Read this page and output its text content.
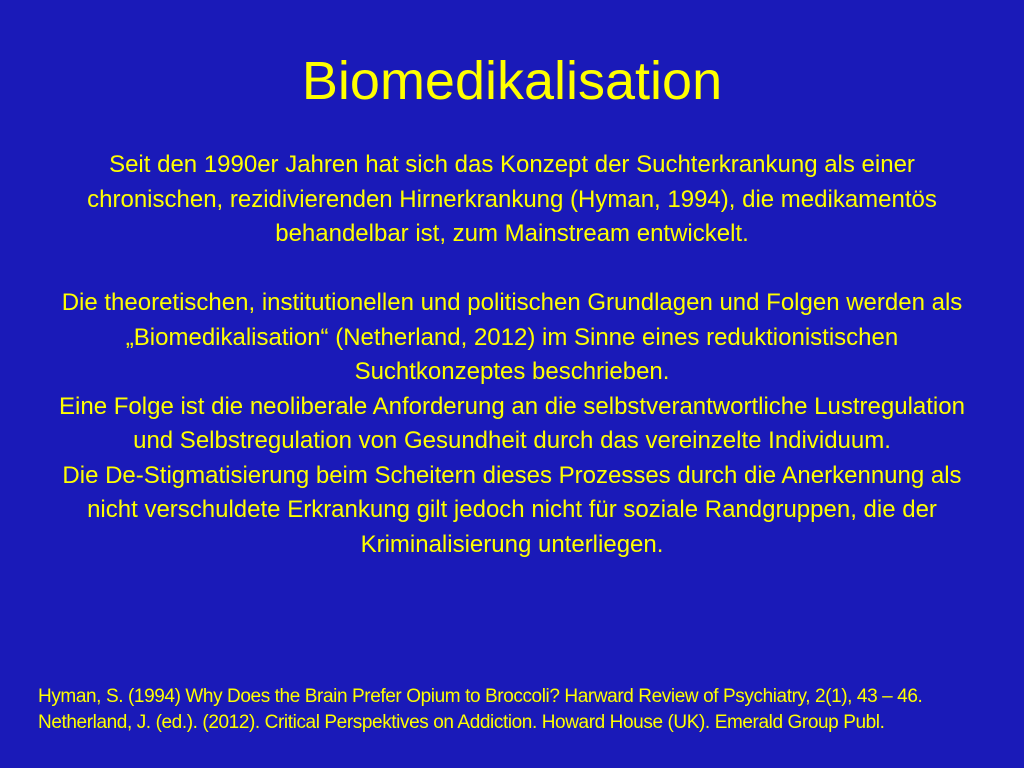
Biomedikalisation

Seit den 1990er Jahren hat sich das Konzept der Suchterkrankung als einer chronischen, rezidivierenden Hirnerkrankung (Hyman, 1994), die medikamentös behandelbar ist, zum Mainstream entwickelt.

Die theoretischen, institutionellen und politischen Grundlagen und Folgen werden als „Biomedikalisation“ (Netherland, 2012) im Sinne eines reduktionistischen Suchtkonzeptes beschrieben.

Eine Folge ist die neoliberale Anforderung an die selbstverantwortliche Lustregulation und Selbstregulation von Gesundheit durch das vereinzelte Individuum.

Die De-Stigmatisierung beim Scheitern dieses Prozesses durch die Anerkennung als nicht verschuldete Erkrankung gilt jedoch nicht für soziale Randgruppen, die der Kriminalisierung unterliegen.

Hyman, S. (1994) Why Does the Brain Prefer Opium to Broccoli? Harward Review of Psychiatry, 2(1), 43 – 46.

Netherland, J. (ed.). (2012). Critical Perspektives on Addiction. Howard House (UK). Emerald Group Publ.
